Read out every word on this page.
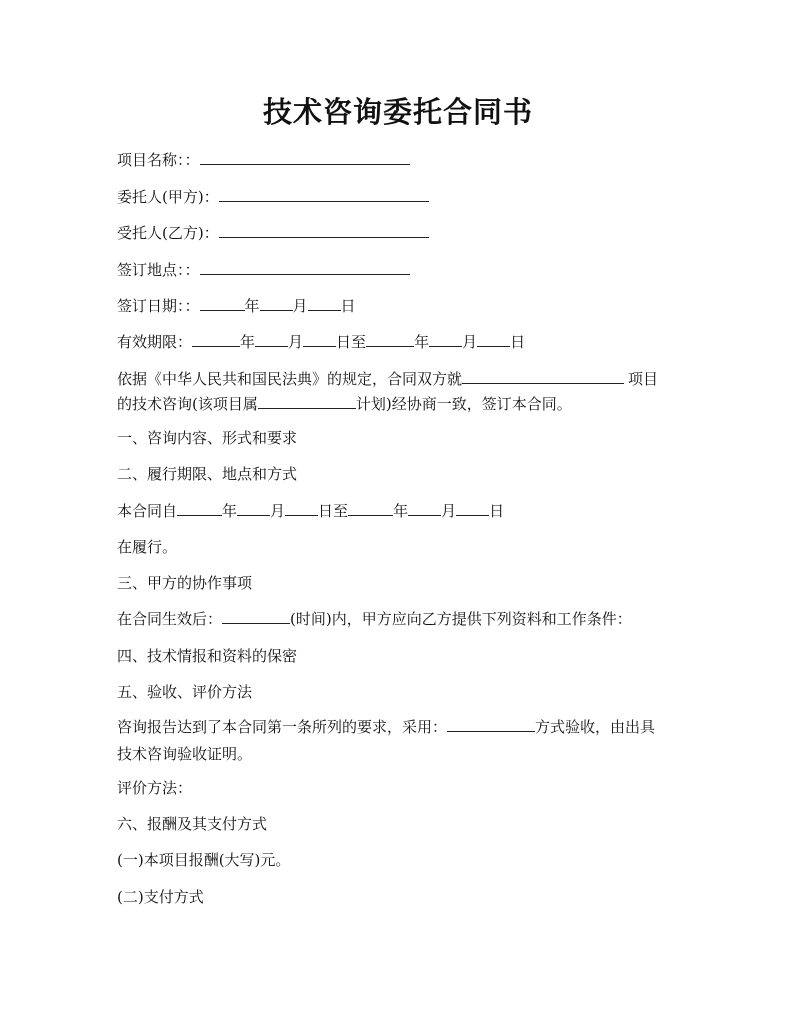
技术咨询委托合同书
项目名称：：
委托人(甲方)：
受托人(乙方)：
签订地点：：
签订日期：：	年 月 日
有效期限：	年 月 日至	年 月 日
依据《中华人民共和国民法典》的规定，合同双方就	项目
的技术咨询(该项目属	计划)经协商一致，签订本合同。
一、咨询内容、形式和要求
二、履行期限、地点和方式
本合同自	年 月 日至	年 月 日
在履行。
三、甲方的协作事项
在合同生效后：	(时间)内，甲方应向乙方提供下列资料和工作条件：
四、技术情报和资料的保密
五、验收、评价方法
咨询报告达到了本合同第一条所列的要求，采用：	方式验收，由出具
技术咨询验收证明。
评价方法：
六、报酬及其支付方式
(一)本项目报酬(大写)元。
(二)支付方式
